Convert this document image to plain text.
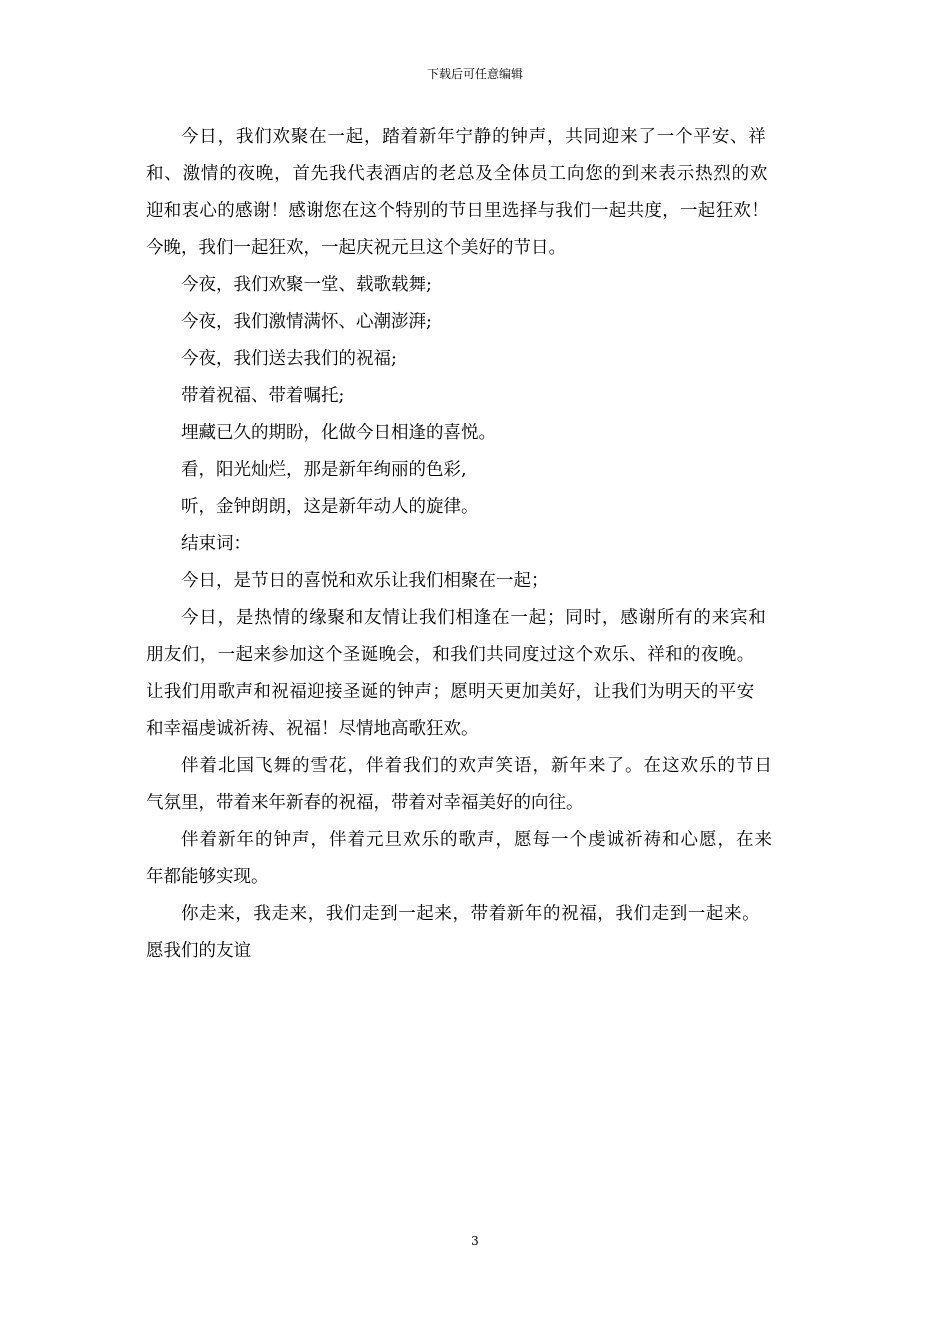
下载后可任意编辑

今日，我们欢聚在一起，踏着新年宁静的钟声，共同迎来了一个平安、祥

和、激情的夜晚，首先我代表酒店的老总及全体员工向您的到来表示热烈的欢

迎和衷心的感谢！感谢您在这个特别的节日里选择与我们一起共度，一起狂欢！

今晚，我们一起狂欢，一起庆祝元旦这个美好的节日。

今夜，我们欢聚一堂、载歌载舞;

今夜，我们激情满怀、心潮澎湃;

今夜，我们送去我们的祝福;

带着祝福、带着嘱托;

埋藏已久的期盼，化做今日相逢的喜悦。

看，阳光灿烂，那是新年绚丽的色彩,

听，金钟朗朗，这是新年动人的旋律。

结束词：

今日，是节日的喜悦和欢乐让我们相聚在一起；

今日，是热情的缘聚和友情让我们相逢在一起；同时，感谢所有的来宾和

朋友们，一起来参加这个圣诞晚会，和我们共同度过这个欢乐、祥和的夜晚。

让我们用歌声和祝福迎接圣诞的钟声；愿明天更加美好，让我们为明天的平安

和幸福虔诚祈祷、祝福！尽情地高歌狂欢。

伴着北国飞舞的雪花，伴着我们的欢声笑语，新年来了。在这欢乐的节日

气氛里，带着来年新春的祝福，带着对幸福美好的向往。

伴着新年的钟声，伴着元旦欢乐的歌声，愿每一个虔诚祈祷和心愿，在来

年都能够实现。

你走来，我走来，我们走到一起来，带着新年的祝福，我们走到一起来。

愿我们的友谊

3
